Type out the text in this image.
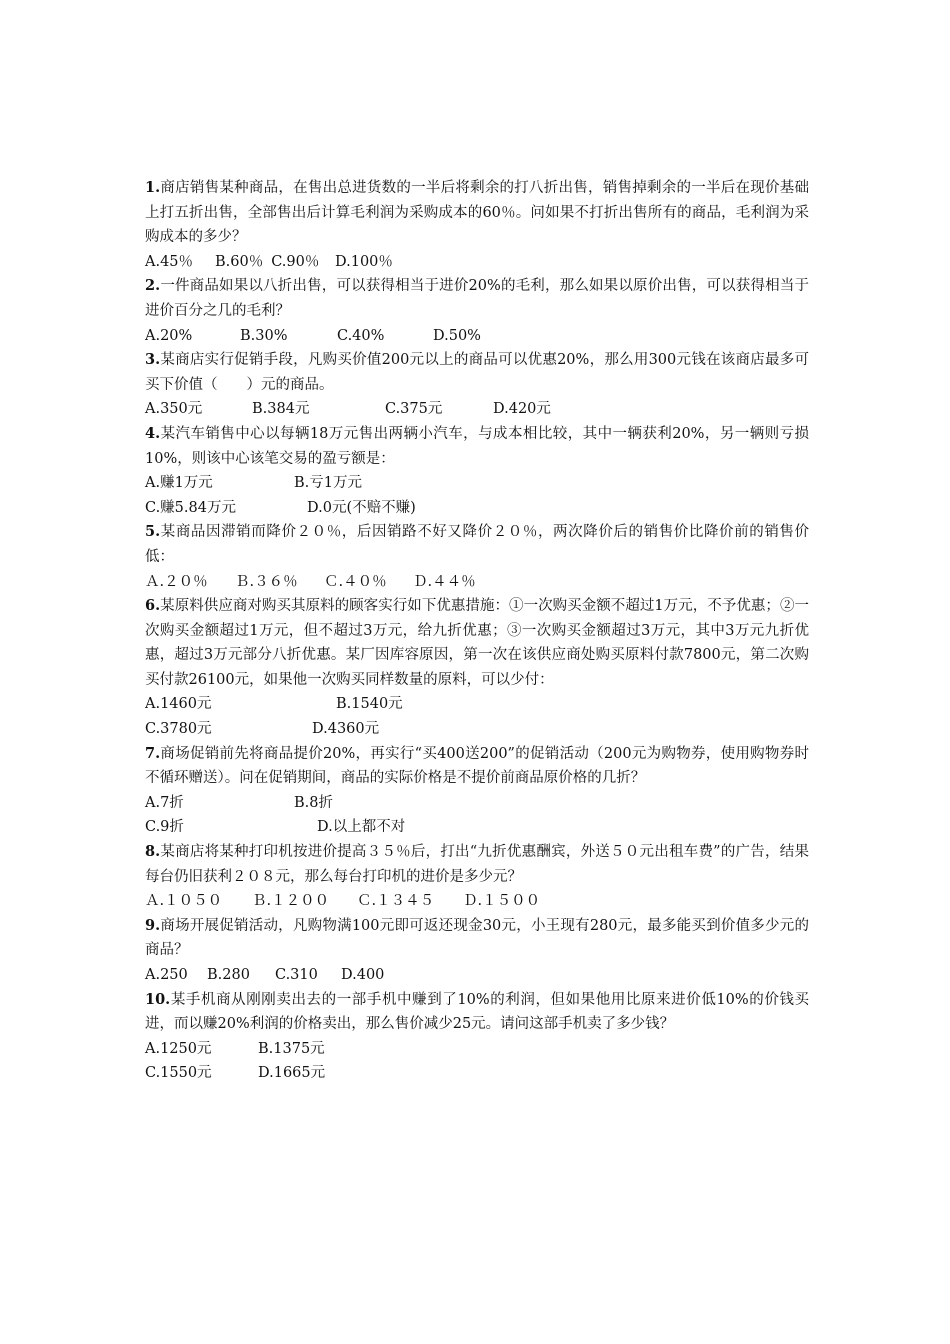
1.商店销售某种商品，在售出总进货数的一半后将剩余的打八折出售，销售掉剩余的一半后在现价基础上打五折出售，全部售出后计算毛利润为采购成本的60％。问如果不打折出售所有的商品，毛利润为采购成本的多少？

A.45％ B.60％ C.90％ D.100％

2.一件商品如果以八折出售，可以获得相当于进价20%的毛利，那么如果以原价出售，可以获得相当于进价百分之几的毛利？

A.20%	B.30%	C.40%	D.50%

3.某商店实行促销手段，凡购买价值200元以上的商品可以优惠20%，那么用300元钱在该商店最多可买下价值（　　）元的商品。

A.350元	B.384元	C.375元	D.420元

4.某汽车销售中心以每辆18万元售出两辆小汽车，与成本相比较，其中一辆获利20%，另一辆则亏损10%，则该中心该笔交易的盈亏额是：

A.赚1万元	B.亏1万元
C.赚5.84万元	D.0元(不赔不赚)

5.某商品因滞销而降价２０％，后因销路不好又降价２０％，两次降价后的销售价比降价前的销售价低：

Ａ.２０％ Ｂ.３６％ Ｃ.４０％ Ｄ.４４％

6.某原料供应商对购买其原料的顾客实行如下优惠措施：①一次购买金额不超过1万元，不予优惠；②一次购买金额超过1万元，但不超过3万元，给九折优惠；③一次购买金额超过3万元，其中3万元九折优惠，超过3万元部分八折优惠。某厂因库容原因，第一次在该供应商处购买原料付款7800元，第二次购买付款26100元，如果他一次购买同样数量的原料，可以少付：

A.1460元	B.1540元
C.3780元	D.4360元

7.商场促销前先将商品提价20%，再实行“买400送200”的促销活动（200元为购物券，使用购物券时不循环赠送）。问在促销期间，商品的实际价格是不提价前商品原价格的几折？

A.7折	B.8折
C.9折	D.以上都不对

8.某商店将某种打印机按进价提高３５％后，打出“九折优惠酬宾，外送５０元出租车费”的广告，结果每台仍旧获利２０８元，那么每台打印机的进价是多少元？

Ａ.１０５０ Ｂ.１２００ Ｃ.１３４５ Ｄ.１５００

9.商场开展促销活动，凡购物满100元即可返还现金30元，小王现有280元，最多能买到价值多少元的商品？

A.250 B.280 C.310 D.400

10.某手机商从刚刚卖出去的一部手机中赚到了10%的利润，但如果他用比原来进价低10%的价钱买进，而以赚20%利润的价格卖出，那么售价减少25元。请问这部手机卖了多少钱？

A.1250元	B.1375元
C.1550元	D.1665元
